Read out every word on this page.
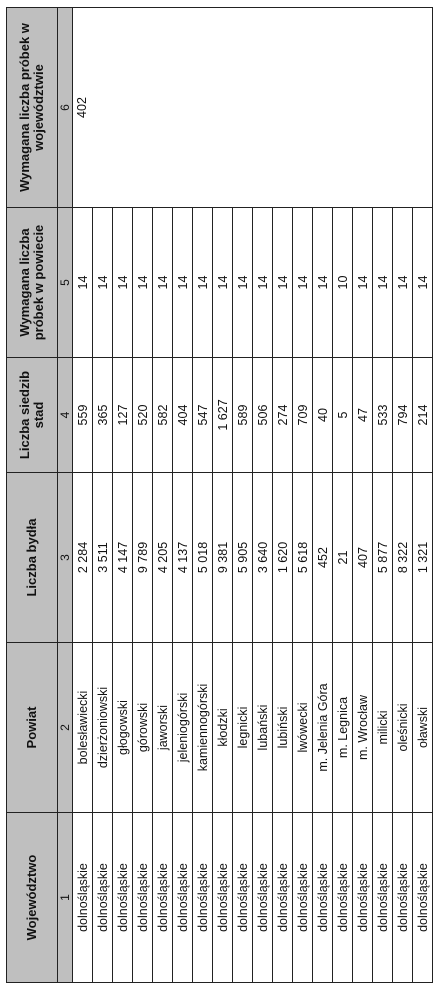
Województwo	Powiat	Liczba bydła	Liczba siedzib stad	Wymagana liczba próbek w powiecie	Wymagana liczba próbek w województwie
1	2	3	4	5	6
dolnośląskie	bolesławiecki	2 284	559	14	402
dolnośląskie	dzierżoniowski	3 511	365	14	
dolnośląskie	głogowski	4 147	127	14	
dolnośląskie	górowski	9 789	520	14	
dolnośląskie	jaworski	4 205	582	14	
dolnośląskie	jeleniogórski	4 137	404	14	
dolnośląskie	kamiennogórski	5 018	547	14	
dolnośląskie	kłodzki	9 381	1 627	14	
dolnośląskie	legnicki	5 905	589	14	
dolnośląskie	lubański	3 640	506	14	
dolnośląskie	lubiński	1 620	274	14	
dolnośląskie	lwówecki	5 618	709	14	
dolnośląskie	m. Jelenia Góra	452	40	14	
dolnośląskie	m. Legnica	21	5	10	
dolnośląskie	m. Wrocław	407	47	14	
dolnośląskie	milicki	5 877	533	14	
dolnośląskie	oleśnicki	8 322	794	14	
dolnośląskie	oławski	1 321	214	14	
